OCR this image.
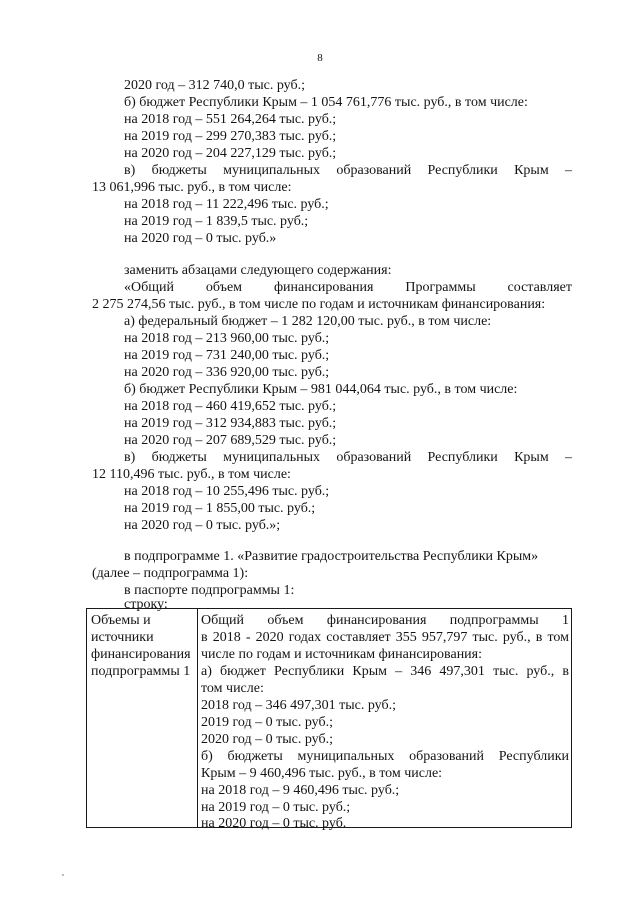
8
2020 год – 312 740,0 тыс. руб.;
б) бюджет Республики Крым – 1 054 761,776 тыс. руб., в том числе:
на 2018 год – 551 264,264 тыс. руб.;
на 2019 год – 299 270,383 тыс. руб.;
на 2020 год – 204 227,129 тыс. руб.;
в) бюджеты муниципальных образований Республики Крым –
13 061,996 тыс. руб., в том числе:
на 2018 год – 11 222,496 тыс. руб.;
на 2019 год – 1 839,5 тыс. руб.;
на 2020 год – 0 тыс. руб.»
заменить абзацами следующего содержания:
«Общий объем финансирования Программы составляет
2 275 274,56 тыс. руб., в том числе по годам и источникам финансирования:
а) федеральный бюджет – 1 282 120,00 тыс. руб., в том числе:
на 2018 год – 213 960,00 тыс. руб.;
на 2019 год – 731 240,00 тыс. руб.;
на 2020 год – 336 920,00 тыс. руб.;
б) бюджет Республики Крым – 981 044,064 тыс. руб., в том числе:
на 2018 год – 460 419,652 тыс. руб.;
на 2019 год – 312 934,883 тыс. руб.;
на 2020 год – 207 689,529 тыс. руб.;
в) бюджеты муниципальных образований Республики Крым –
12 110,496 тыс. руб., в том числе:
на 2018 год – 10 255,496 тыс. руб.;
на 2019 год – 1 855,00 тыс. руб.;
на 2020 год – 0 тыс. руб.»;
в подпрограмме 1. «Развитие градостроительства Республики Крым»
(далее – подпрограмма 1):
в паспорте подпрограммы 1:
строку:
Объемы и
источники
финансирования
подпрограммы 1
Общий объем финансирования подпрограммы 1
в 2018 - 2020 годах составляет 355 957,797 тыс. руб., в том
числе по годам и источникам финансирования:
а) бюджет Республики Крым – 346 497,301 тыс. руб., в
том числе:
2018 год – 346 497,301 тыс. руб.;
2019 год – 0 тыс. руб.;
2020 год – 0 тыс. руб.;
б) бюджеты муниципальных образований Республики
Крым – 9 460,496 тыс. руб., в том числе:
на 2018 год – 9 460,496 тыс. руб.;
на 2019 год – 0 тыс. руб.;
на 2020 год – 0 тыс. руб.
